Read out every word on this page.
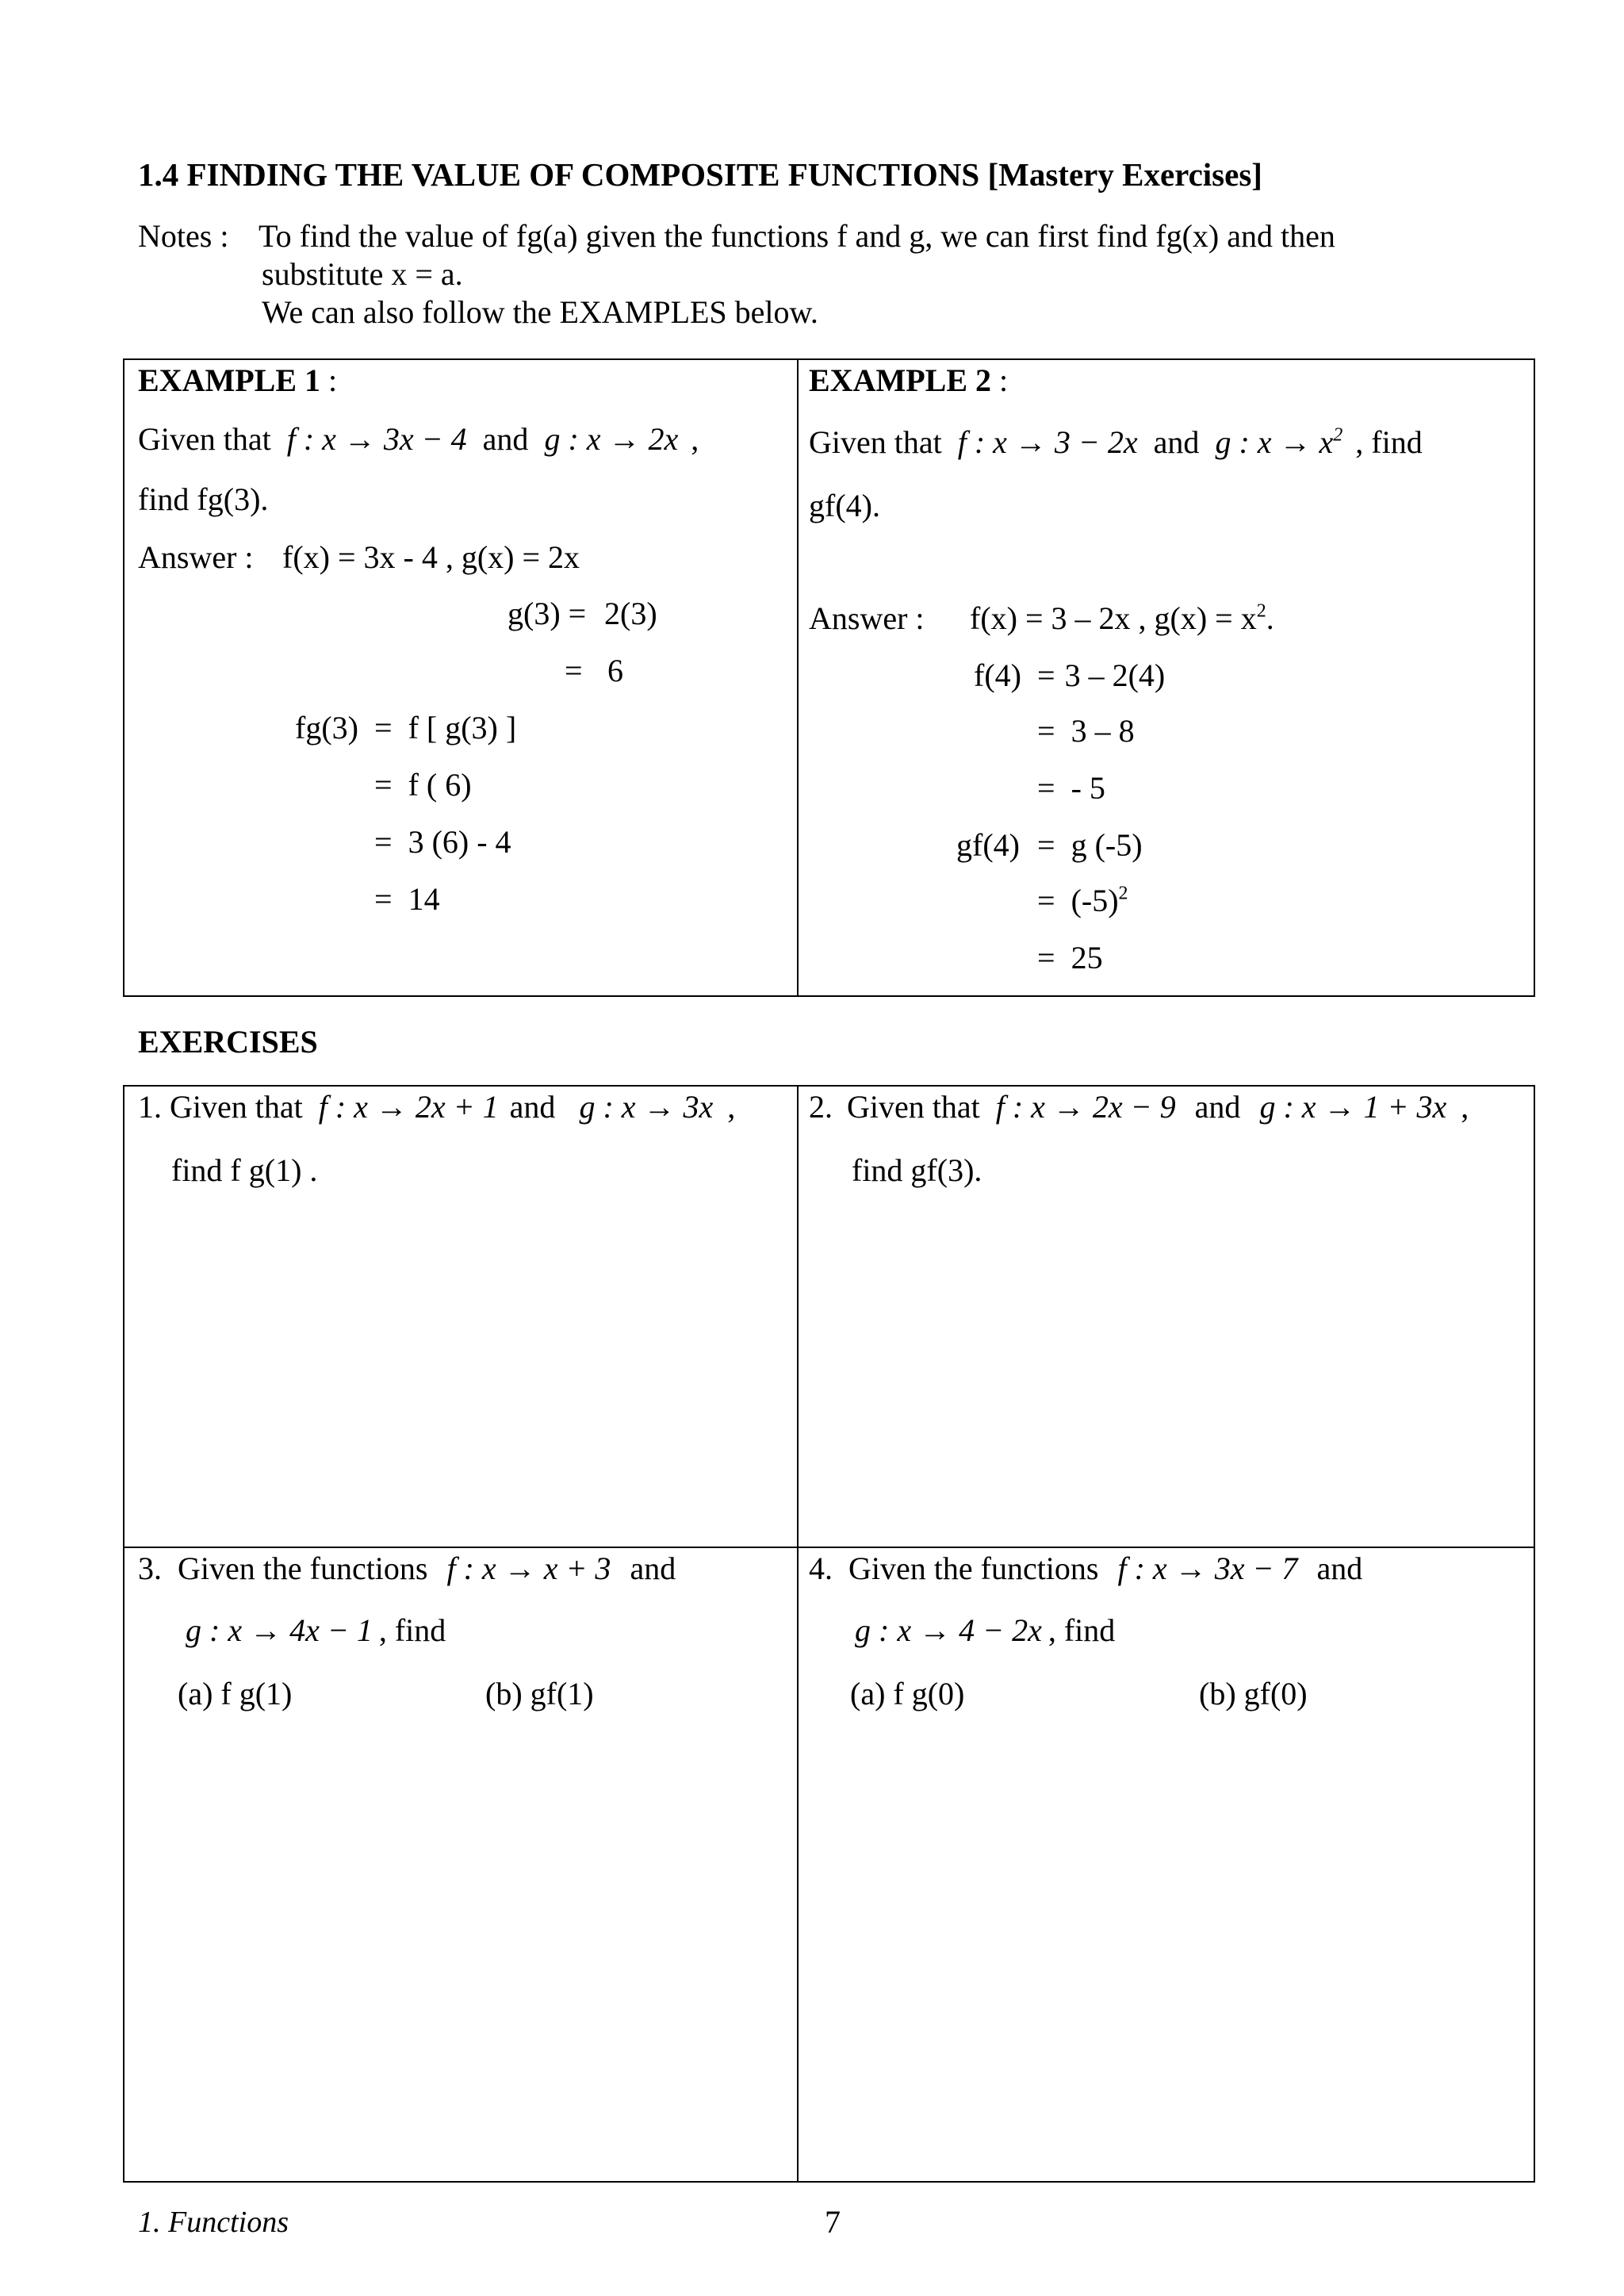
1.4 FINDING THE VALUE OF COMPOSITE FUNCTIONS [Mastery Exercises]
Notes : To find the value of fg(a) given the functions f and g, we can first find fg(x) and then
substitute x = a.
We can also follow the EXAMPLES below.
EXAMPLE 1 :
Given that f : x → 3x − 4 and g : x → 2x ,
find fg(3).
Answer : f(x) = 3x - 4 , g(x) = 2x
g(3) = 2(3)
= 6
fg(3) = f [ g(3) ]
= f ( 6)
= 3 (6) - 4
= 14
EXAMPLE 2 :
Given that f : x → 3 − 2x and g : $x \to x^2$ , find
gf(4).
Answer : f(x) = 3 – 2x , $g(x) = x^2$.
f(4) = 3 – 2(4)
= 3 – 8
= - 5
gf(4) = g (-5)
= $(-5)^2$
= 25
EXERCISES
1. Given that f : x → 2x + 1 and g : x → 3x ,
find f g(1) .
2. Given that f : x → 2x − 9 and g : x → 1 + 3x ,
find gf(3).
3. Given the functions f : x → x + 3 and
g : x → 4x − 1 , find
(a) f g(1)	(b) gf(1)
4. Given the functions f : x → 3x − 7 and
g : x → 4 − 2x , find
(a) f g(0)	(b) gf(0)
1. Functions	7
